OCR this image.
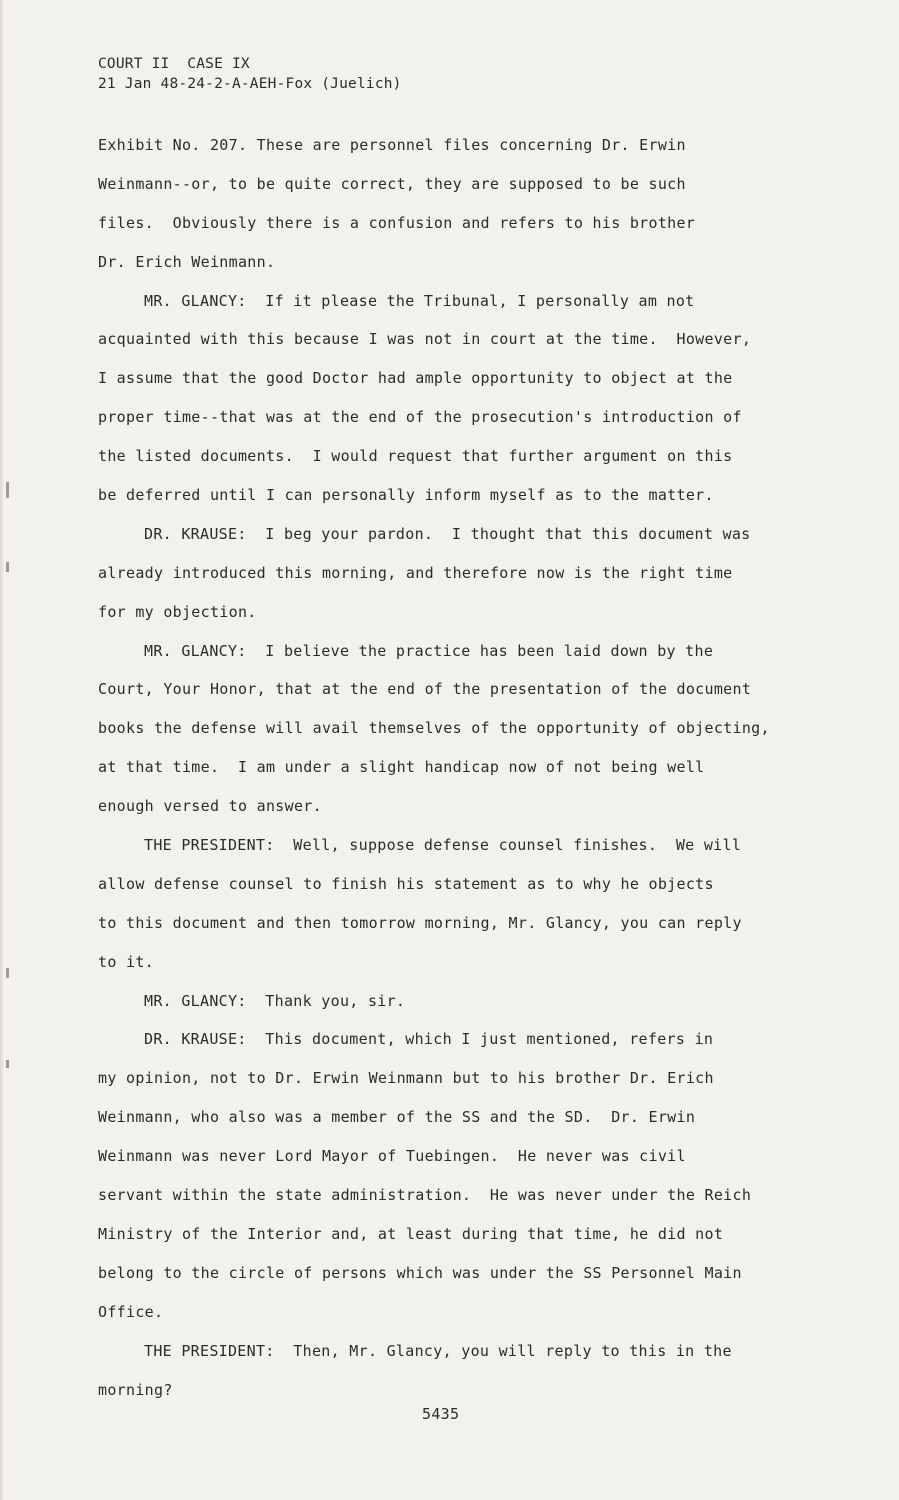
COURT II  CASE IX
21 Jan 48-24-2-A-AEH-Fox (Juelich)
Exhibit No. 207. These are personnel files concerning Dr. Erwin
Weinmann--or, to be quite correct, they are supposed to be such
files.  Obviously there is a confusion and refers to his brother
Dr. Erich Weinmann.
MR. GLANCY:  If it please the Tribunal, I personally am not
acquainted with this because I was not in court at the time.  However,
I assume that the good Doctor had ample opportunity to object at the
proper time--that was at the end of the prosecution's introduction of
the listed documents.  I would request that further argument on this
be deferred until I can personally inform myself as to the matter.
DR. KRAUSE:  I beg your pardon.  I thought that this document was
already introduced this morning, and therefore now is the right time
for my objection.
MR. GLANCY:  I believe the practice has been laid down by the
Court, Your Honor, that at the end of the presentation of the document
books the defense will avail themselves of the opportunity of objecting,
at that time.  I am under a slight handicap now of not being well
enough versed to answer.
THE PRESIDENT:  Well, suppose defense counsel finishes.  We will
allow defense counsel to finish his statement as to why he objects
to this document and then tomorrow morning, Mr. Glancy, you can reply
to it.
MR. GLANCY:  Thank you, sir.
DR. KRAUSE:  This document, which I just mentioned, refers in
my opinion, not to Dr. Erwin Weinmann but to his brother Dr. Erich
Weinmann, who also was a member of the SS and the SD.  Dr. Erwin
Weinmann was never Lord Mayor of Tuebingen.  He never was civil
servant within the state administration.  He was never under the Reich
Ministry of the Interior and, at least during that time, he did not
belong to the circle of persons which was under the SS Personnel Main
Office.
THE PRESIDENT:  Then, Mr. Glancy, you will reply to this in the
morning?
5435
